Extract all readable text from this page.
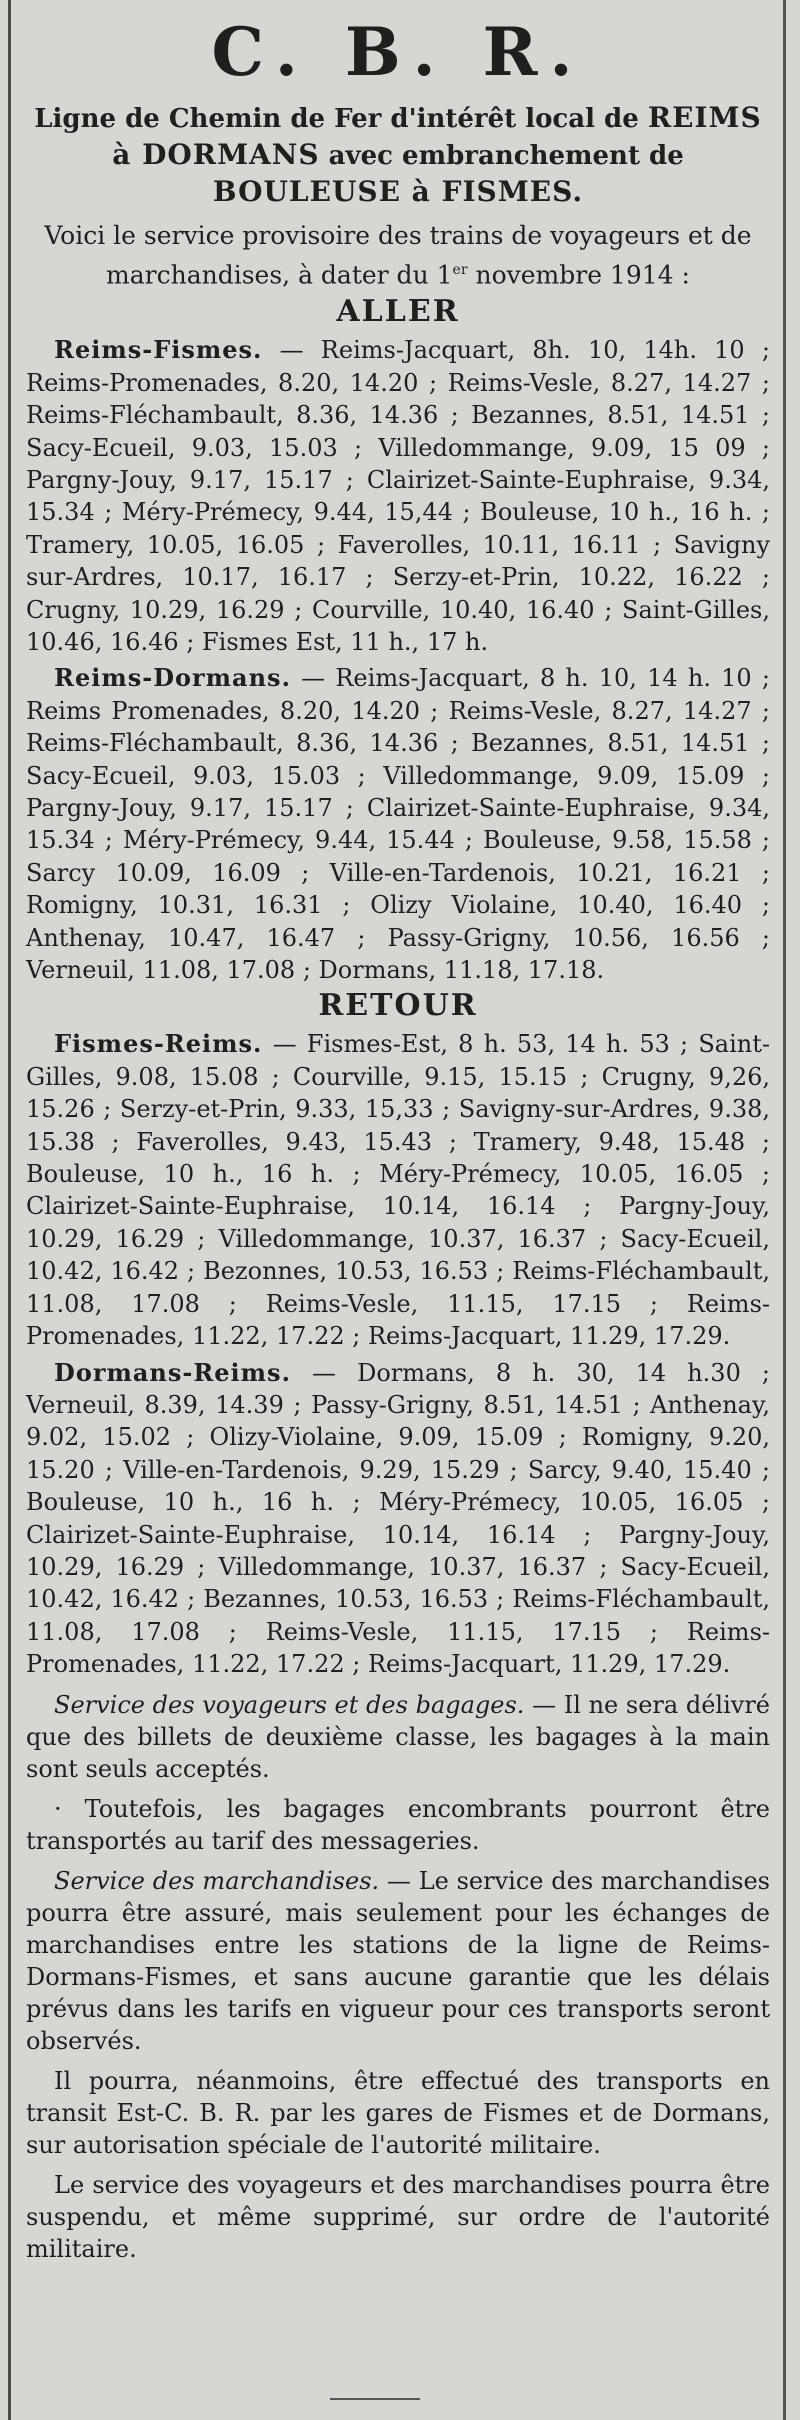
C. B. R.
Ligne de Chemin de Fer d'intérêt local de REIMS à DORMANS avec embranchement de BOULEUSE à FISMES.
Voici le service provisoire des trains de voyageurs et de marchandises, à dater du 1er novembre 1914 :
ALLER

Reims-Fismes. — Reims-Jacquart, 8h. 10, 14h. 10 ; Reims-Promenades, 8.20, 14.20 ; Reims-Vesle, 8.27, 14.27 ; Reims-Fléchambault, 8.36, 14.36 ; Bezannes, 8.51, 14.51 ; Sacy-Ecueil, 9.03, 15.03 ; Villedommange, 9.09, 15 09 ; Pargny-Jouy, 9.17, 15.17 ; Clairizet-Sainte-Euphraise, 9.34, 15.34 ; Méry-Prémecy, 9.44, 15,44 ; Bouleuse, 10 h., 16 h. ; Tramery, 10.05, 16.05 ; Faverolles, 10.11, 16.11 ; Savigny sur-Ardres, 10.17, 16.17 ; Serzy-et-Prin, 10.22, 16.22 ; Crugny, 10.29, 16.29 ; Courville, 10.40, 16.40 ; Saint-Gilles, 10.46, 16.46 ; Fismes Est, 11 h., 17 h.

Reims-Dormans. — Reims-Jacquart, 8 h. 10, 14 h. 10 ; Reims Promenades, 8.20, 14.20 ; Reims-Vesle, 8.27, 14.27 ; Reims-Fléchambault, 8.36, 14.36 ; Bezannes, 8.51, 14.51 ; Sacy-Ecueil, 9.03, 15.03 ; Villedommange, 9.09, 15.09 ; Pargny-Jouy, 9.17, 15.17 ; Clairizet-Sainte-Euphraise, 9.34, 15.34 ; Méry-Prémecy, 9.44, 15.44 ; Bouleuse, 9.58, 15.58 ; Sarcy 10.09, 16.09 ; Ville-en-Tardenois, 10.21, 16.21 ; Romigny, 10.31, 16.31 ; Olizy Violaine, 10.40, 16.40 ; Anthenay, 10.47, 16.47 ; Passy-Grigny, 10.56, 16.56 ; Verneuil, 11.08, 17.08 ; Dormans, 11.18, 17.18.

RETOUR

Fismes-Reims. — Fismes-Est, 8 h. 53, 14 h. 53 ; Saint-Gilles, 9.08, 15.08 ; Courville, 9.15, 15.15 ; Crugny, 9,26, 15.26 ; Serzy-et-Prin, 9.33, 15,33 ; Savigny-sur-Ardres, 9.38, 15.38 ; Faverolles, 9.43, 15.43 ; Tramery, 9.48, 15.48 ; Bouleuse, 10 h., 16 h. ; Méry-Prémecy, 10.05, 16.05 ; Clairizet-Sainte-Euphraise, 10.14, 16.14 ; Pargny-Jouy, 10.29, 16.29 ; Villedommange, 10.37, 16.37 ; Sacy-Ecueil, 10.42, 16.42 ; Bezonnes, 10.53, 16.53 ; Reims-Fléchambault, 11.08, 17.08 ; Reims-Vesle, 11.15, 17.15 ; Reims-Promenades, 11.22, 17.22 ; Reims-Jacquart, 11.29, 17.29.

Dormans-Reims. — Dormans, 8 h. 30, 14 h.30 ; Verneuil, 8.39, 14.39 ; Passy-Grigny, 8.51, 14.51 ; Anthenay, 9.02, 15.02 ; Olizy-Violaine, 9.09, 15.09 ; Romigny, 9.20, 15.20 ; Ville-en-Tardenois, 9.29, 15.29 ; Sarcy, 9.40, 15.40 ; Bouleuse, 10 h., 16 h. ; Méry-Prémecy, 10.05, 16.05 ; Clairizet-Sainte-Euphraise, 10.14, 16.14 ; Pargny-Jouy, 10.29, 16.29 ; Villedommange, 10.37, 16.37 ; Sacy-Ecueil, 10.42, 16.42 ; Bezannes, 10.53, 16.53 ; Reims-Fléchambault, 11.08, 17.08 ; Reims-Vesle, 11.15, 17.15 ; Reims-Promenades, 11.22, 17.22 ; Reims-Jacquart, 11.29, 17.29.

Service des voyageurs et des bagages. — Il ne sera délivré que des billets de deuxième classe, les bagages à la main sont seuls acceptés.

· Toutefois, les bagages encombrants pourront être transportés au tarif des messageries.

Service des marchandises. — Le service des marchandises pourra être assuré, mais seulement pour les échanges de marchandises entre les stations de la ligne de Reims-Dormans-Fismes, et sans aucune garantie que les délais prévus dans les tarifs en vigueur pour ces transports seront observés.

Il pourra, néanmoins, être effectué des transports en transit Est-C. B. R. par les gares de Fismes et de Dormans, sur autorisation spéciale de l'autorité militaire.

Le service des voyageurs et des marchandises pourra être suspendu, et même supprimé, sur ordre de l'autorité militaire.
